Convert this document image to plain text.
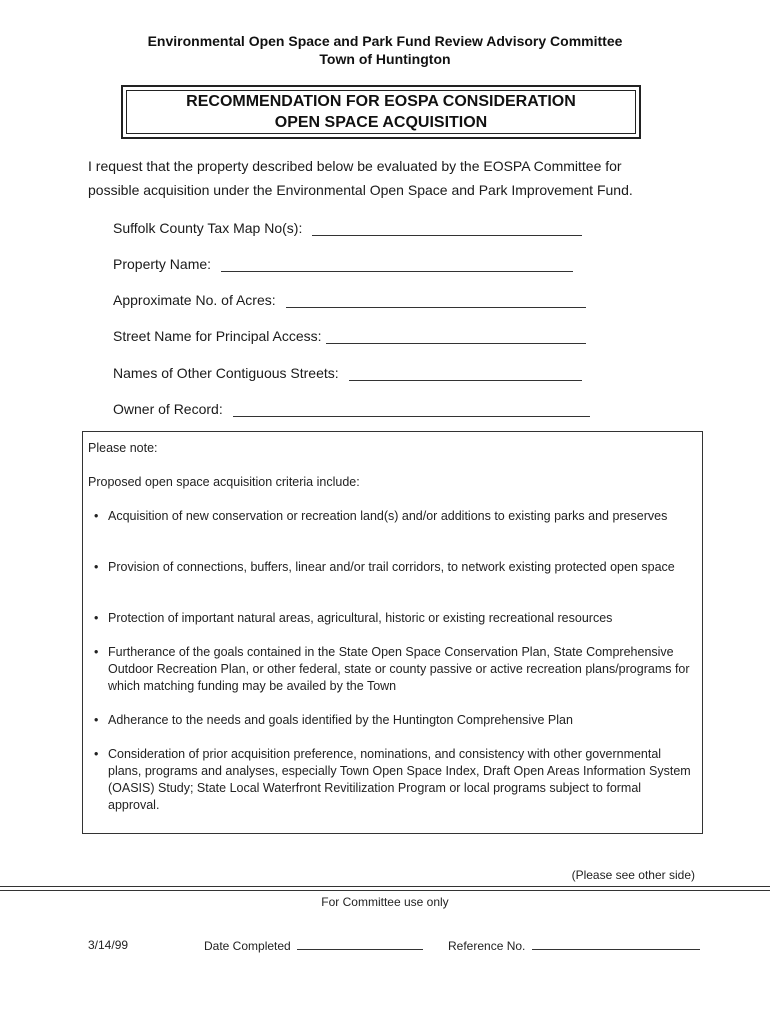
Environmental Open Space and Park Fund Review Advisory Committee
Town of Huntington
RECOMMENDATION FOR EOSPA CONSIDERATION
OPEN SPACE ACQUISITION
I request that the property described below be evaluated by the EOSPA Committee for
possible acquisition under the Environmental Open Space and Park Improvement Fund.
Suffolk County Tax Map No(s):
Property Name:
Approximate No. of Acres:
Street Name for Principal Access:
Names of Other Contiguous Streets:
Owner of Record:
Please note:
Proposed open space acquisition criteria include:
• Acquisition of new conservation or recreation land(s) and/or additions to existing parks and preserves
• Provision of connections, buffers, linear and/or trail corridors, to network existing protected open space
• Protection of important natural areas, agricultural, historic or existing recreational resources
• Furtherance of the goals contained in the State Open Space Conservation Plan, State Comprehensive Outdoor Recreation Plan, or other federal, state or county passive or active recreation plans/programs for which matching funding may be availed by the Town
• Adherance to the needs and goals identified by the Huntington Comprehensive Plan
• Consideration of prior acquisition preference, nominations, and consistency with other governmental plans, programs and analyses, especially Town Open Space Index, Draft Open Areas Information System (OASIS) Study; State Local Waterfront Revitilization Program or local programs subject to formal approval.
(Please see other side)
For Committee use only
3/14/99	Date Completed	Reference No.
